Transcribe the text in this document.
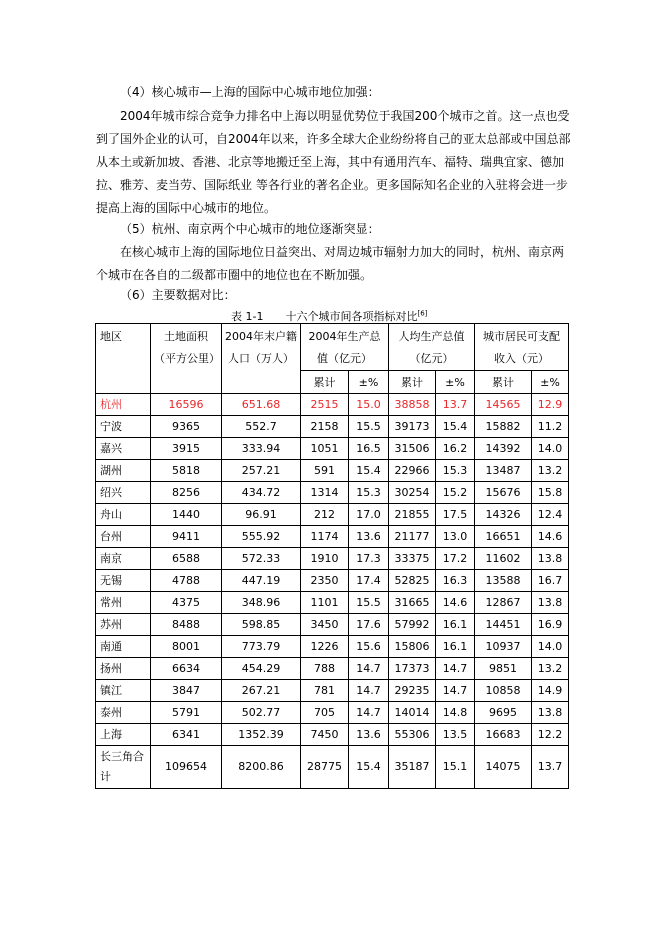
（4）核心城市—上海的国际中心城市地位加强：
2004年城市综合竞争力排名中上海以明显优势位于我国200个城市之首。这一点也受
到了国外企业的认可，自2004年以来，许多全球大企业纷纷将自己的亚太总部或中国总部
从本土或新加坡、香港、北京等地搬迁至上海，其中有通用汽车、福特、瑞典宜家、德加
拉、雅芳、麦当劳、国际纸业 等各行业的著名企业。更多国际知名企业的入驻将会进一步
提高上海的国际中心城市的地位。
（5）杭州、南京两个中心城市的地位逐渐突显：
在核心城市上海的国际地位日益突出、对周边城市辐射力加大的同时，杭州、南京两
个城市在各自的二级都市圈中的地位也在不断加强。
（6）主要数据对比：
表 1-1　　十六个城市间各项指标对比[6]
地区	土地面积（平方公里）	2004年末户籍人口（万人）	2004年生产总值（亿元）		人均生产总值（亿元）		城市居民可支配收入（元）	
			累计	±%	累计	±%	累计	±%
杭州	16596	651.68	2515	15.0	38858	13.7	14565	12.9
宁波	9365	552.7	2158	15.5	39173	15.4	15882	11.2
嘉兴	3915	333.94	1051	16.5	31506	16.2	14392	14.0
湖州	5818	257.21	591	15.4	22966	15.3	13487	13.2
绍兴	8256	434.72	1314	15.3	30254	15.2	15676	15.8
舟山	1440	96.91	212	17.0	21855	17.5	14326	12.4
台州	9411	555.92	1174	13.6	21177	13.0	16651	14.6
南京	6588	572.33	1910	17.3	33375	17.2	11602	13.8
无锡	4788	447.19	2350	17.4	52825	16.3	13588	16.7
常州	4375	348.96	1101	15.5	31665	14.6	12867	13.8
苏州	8488	598.85	3450	17.6	57992	16.1	14451	16.9
南通	8001	773.79	1226	15.6	15806	16.1	10937	14.0
扬州	6634	454.29	788	14.7	17373	14.7	9851	13.2
镇江	3847	267.21	781	14.7	29235	14.7	10858	14.9
泰州	5791	502.77	705	14.7	14014	14.8	9695	13.8
上海	6341	1352.39	7450	13.6	55306	13.5	16683	12.2
长三角合计	109654	8200.86	28775	15.4	35187	15.1	14075	13.7
